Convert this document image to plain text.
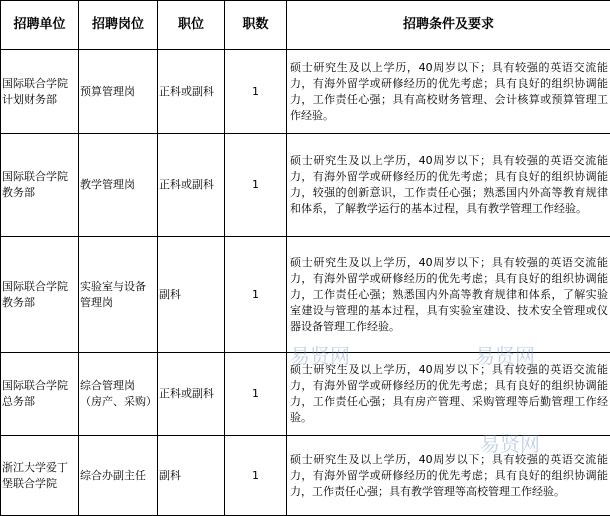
招聘单位	招聘岗位	职位	职数	招聘条件及要求
国际联合学院计划财务部	预算管理岗	正科或副科	1	硕士研究生及以上学历，40周岁以下；具有较强的英语交流能力，有海外留学或研修经历的优先考虑；具有良好的组织协调能力，工作责任心强；具有高校财务管理、会计核算或预算管理工作经验。
国际联合学院教务部	教学管理岗	正科或副科	1	硕士研究生及以上学历，40周岁以下；具有较强的英语交流能力，有海外留学或研修经历的优先考虑；具有良好的组织协调能力，较强的创新意识，工作责任心强；熟悉国内外高等教育规律和体系，了解教学运行的基本过程，具有教学管理工作经验。
国际联合学院教务部	实验室与设备管理岗	副科	1	硕士研究生及以上学历，40周岁以下；具有较强的英语交流能力，有海外留学或研修经历的优先考虑；具有良好的组织协调能力，工作责任心强；熟悉国内外高等教育规律和体系，了解实验室建设与管理的基本过程，具有实验室建设、技术安全管理或仪器设备管理工作经验。
国际联合学院总务部	综合管理岗（房产、采购）	正科或副科	1	硕士研究生及以上学历，40周岁以下；具有较强的英语交流能力，有海外留学或研修经历的优先考虑；具有良好的组织协调能力，工作责任心强；具有房产管理、采购管理等后勤管理工作经验。
浙江大学爱丁堡联合学院	综合办副主任	副科	1	硕士研究生及以上学历，40周岁以下；具有较强的英语交流能力，有海外留学或研修经历的优先考虑；具有良好的组织协调能力，工作责任心强；具有教学管理等高校管理工作经验。
易贤网	易贤网
易贤网
